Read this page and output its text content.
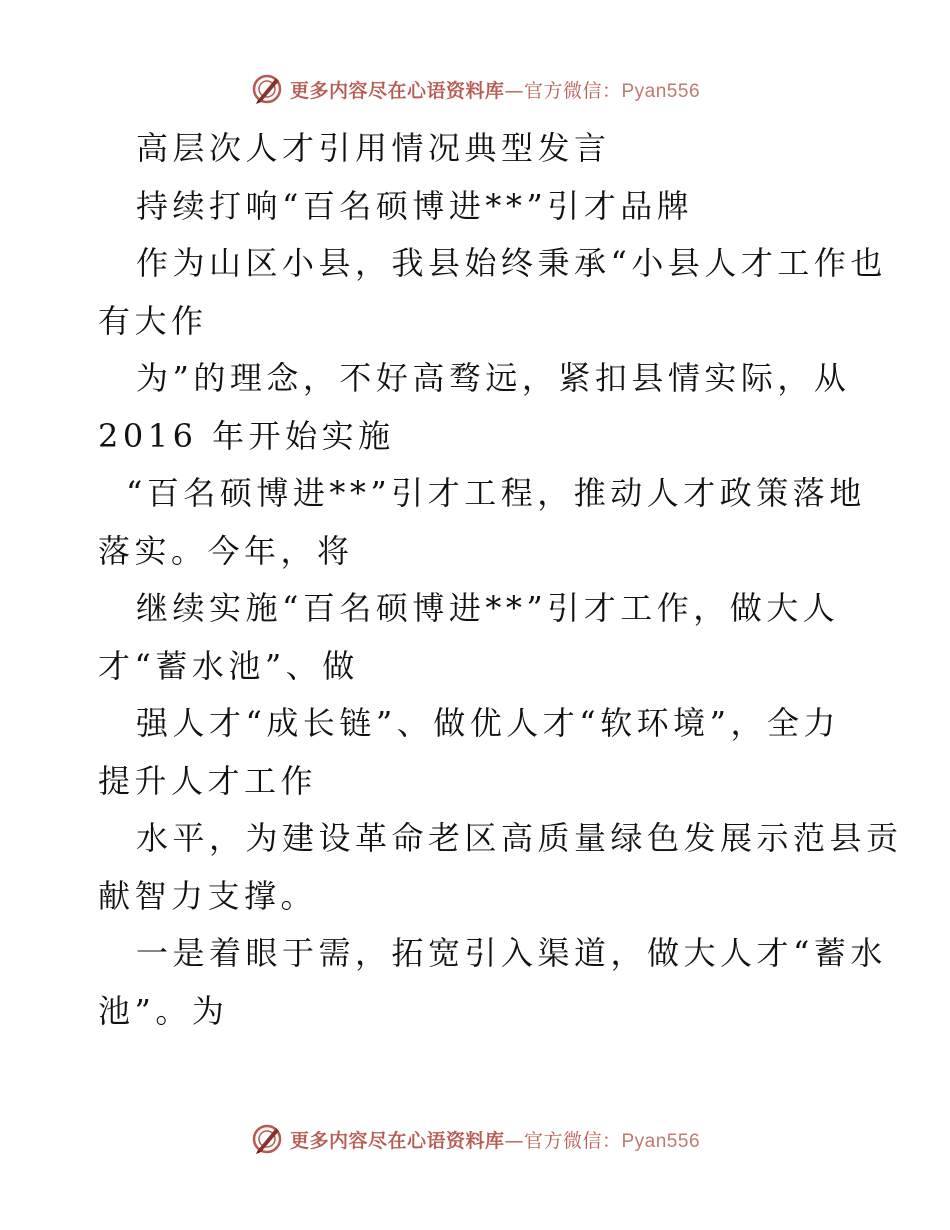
更多内容尽在心语资料库—官方微信：Pyan556
高层次人才引用情况典型发言
持续打响“百名硕博进**”引才品牌
作为山区小县，我县始终秉承“小县人才工作也
有大作
为”的理念，不好高骛远，紧扣县情实际，从
2016 年开始实施
“百名硕博进**”引才工程，推动人才政策落地
落实。今年，将
继续实施“百名硕博进**”引才工作，做大人
才“蓄水池”、做
强人才“成长链”、做优人才“软环境”，全力
提升人才工作
水平，为建设革命老区高质量绿色发展示范县贡
献智力支撑。
一是着眼于需，拓宽引入渠道，做大人才“蓄水
池”。为
更多内容尽在心语资料库—官方微信：Pyan556
